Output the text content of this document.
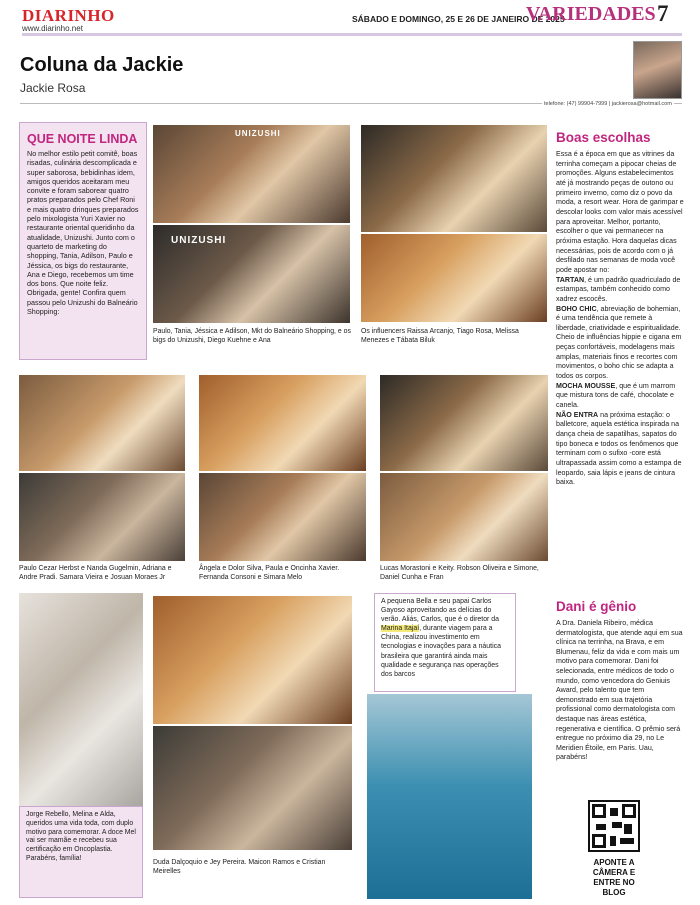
DIARINHO
www.diarinho.net
SÁBADO E DOMINGO, 25 E 26 DE JANEIRO DE 2025
VARIEDADES 7
Coluna da Jackie
Jackie Rosa
telefone: (47) 99904-7999 | jackierosa@hotmail.com
QUE NOITE LINDA
No melhor estilo petit comitê, boas risadas, culinária descomplicada e super saborosa, bebidinhas idem, amigos queridos aceitaram meu convite e foram saborear quatro pratos preparados pelo Chef Roni e mais quatro drinques preparados pelo mixologista Yuri Xavier no restaurante oriental queridinho da atualidade, Unizushi. Junto com o quarteto de marketing do shopping, Tania, Adilson, Paulo e Jéssica, os bigs do restaurante, Ana e Diego, recebemos um time dos bons. Que noite feliz. Obrigada, gente! Confira quem passou pelo Unizushi do Balneário Shopping:
UNIZUSHI
UNIZUSHI
Paulo, Tania, Jéssica e Adilson, Mkt do Balneário Shopping, e os bigs do Unizushi, Diego Kuehne e Ana
Os influencers Raissa Arcanjo, Tiago Rosa, Melissa Menezes e Tábata Biluk
Boas escolhas
Essa é a época em que as vitrines da terrinha começam a pipocar cheias de promoções. Alguns estabelecimentos até já mostrando peças de outono ou primeiro inverno, como diz o povo da moda, a resort wear. Hora de garimpar e descolar looks com valor mais acessível para aproveitar. Melhor, portanto, escolher o que vai permanecer na próxima estação. Hora daquelas dicas necessárias, pois de acordo com o já desfilado nas semanas de moda você pode apostar no:
TARTAN, é um padrão quadriculado de estampas, também conhecido como xadrez escocês.
BOHO CHIC, abreviação de bohemian, é uma tendência que remete à liberdade, criatividade e espiritualidade. Cheio de influências hippie e cigana em peças confortáveis, modelagens mais amplas, materiais finos e recortes com movimentos, o boho chic se adapta a todos os corpos.
MOCHA MOUSSE, que é um marrom que mistura tons de café, chocolate e canela.
NÃO ENTRA na próxima estação: o balletcore, aquela estética inspirada na dança cheia de sapatilhas, sapatos do tipo boneca e todos os fenômenos que terminam com o sufixo -core está ultrapassada assim como a estampa de leopardo, saia lápis e jeans de cintura baixa.
Paulo Cezar Herbst e Nanda Gugelmin, Adriana e Andre Pradi. Samara Vieira e Josuan Moraes Jr
Ângela e Dolor Silva, Paula e Oncinha Xavier. Fernanda Consoni e Simara Melo
Lucas Morastoni e Keity. Robson Oliveira e Simone, Daniel Cunha e Fran
Jorge Rebello, Melina e Alda, queridos uma vida toda, com duplo motivo para comemorar. A doce Mel vai ser mamãe e recebeu sua certificação em Oncoplastia. Parabéns, família!
Duda Dalçoquio e Jey Pereira. Maicon Ramos e Cristian Meirelles
A pequena Bella e seu papai Carlos Gayoso aproveitando as delícias do verão. Aliás, Carlos, que é o diretor da Marina Itajaí, durante viagem para a China, realizou investimento em tecnologias e inovações para a náutica brasileira que garantirá ainda mais qualidade e segurança nas operações dos barcos
Dani é gênio
A Dra. Daniela Ribeiro, médica dermatologista, que atende aqui em sua clínica na terrinha, na Brava, e em Blumenau, feliz da vida e com mais um motivo para comemorar. Dani foi selecionada, entre médicos de todo o mundo, como vencedora do Geniuis Award, pelo talento que tem demonstrado em sua trajetória profissional como dermatologista com destaque nas áreas estética, regenerativa e científica. O prêmio será entregue no próximo dia 29, no Le Meridien Étoile, em Paris. Uau, parabéns!
APONTE A CÂMERA E ENTRE NO BLOG
